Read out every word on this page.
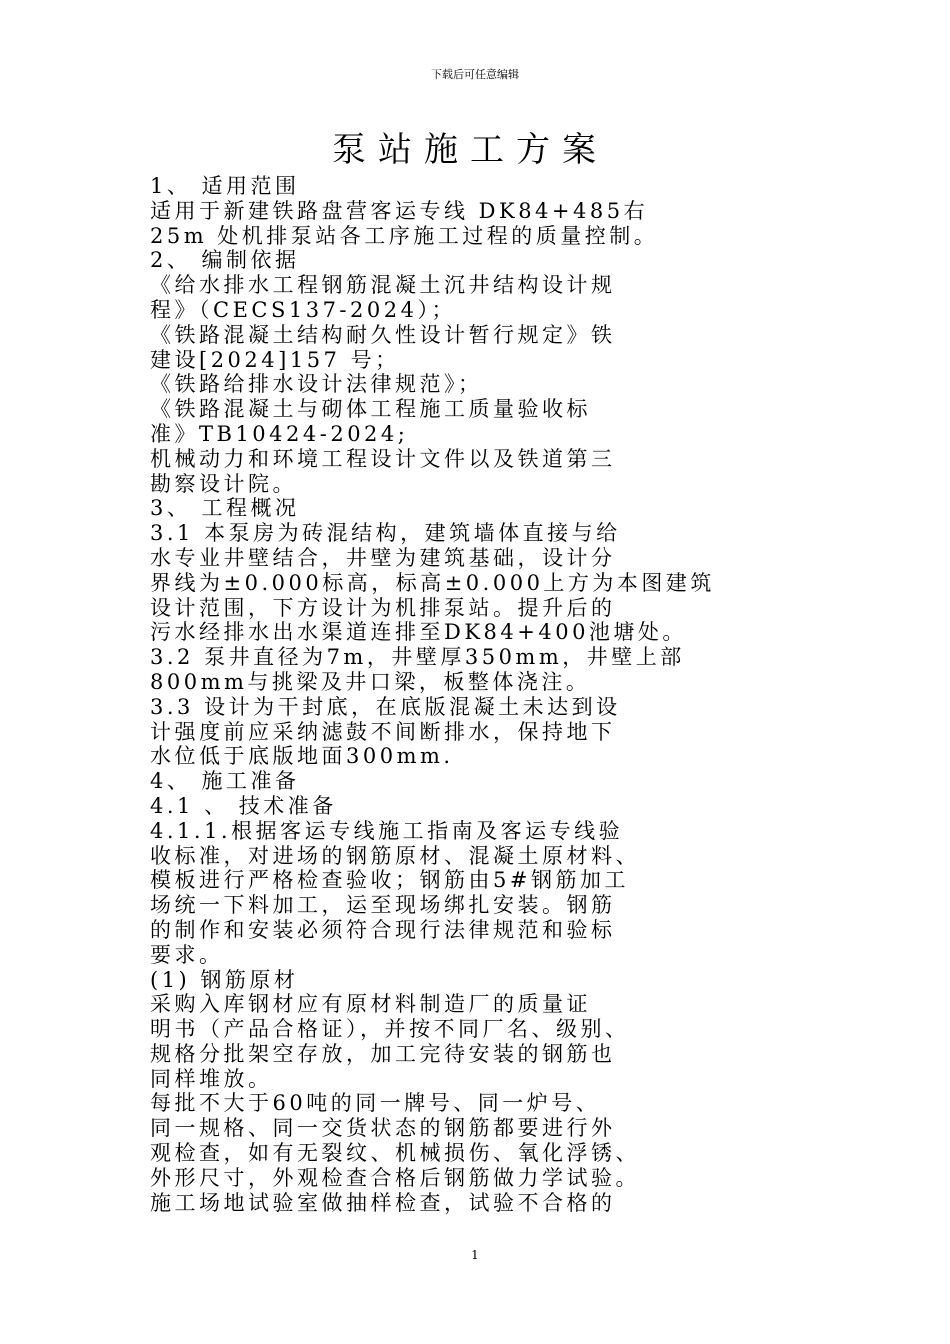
下载后可任意编辑
泵站施工方案
1、 适用范围
适用于新建铁路盘营客运专线 DK84+485右
25m 处机排泵站各工序施工过程的质量控制。
2、 编制依据
《给水排水工程钢筋混凝土沉井结构设计规
程》（CECS137-2024）；
《铁路混凝土结构耐久性设计暂行规定》铁
建设[2024]157 号；
《铁路给排水设计法律规范》；
《铁路混凝土与砌体工程施工质量验收标
准》TB10424-2024;
机械动力和环境工程设计文件以及铁道第三
勘察设计院。
3、 工程概况
3.1 本泵房为砖混结构，建筑墙体直接与给
水专业井壁结合，井壁为建筑基础，设计分
界线为±0.000标高，标高±0.000上方为本图建筑
设计范围，下方设计为机排泵站。提升后的
污水经排水出水渠道连排至DK84+400池塘处。
3.2 泵井直径为7m，井壁厚350mm，井壁上部
800mm与挑梁及井口梁，板整体浇注。
3.3 设计为干封底，在底版混凝土未达到设
计强度前应采纳滤鼓不间断排水，保持地下
水位低于底版地面300mm.
4、 施工准备
4.1 、 技术准备
4.1.1.根据客运专线施工指南及客运专线验
收标准，对进场的钢筋原材、混凝土原材料、
模板进行严格检查验收；钢筋由5#钢筋加工
场统一下料加工，运至现场绑扎安装。钢筋
的制作和安装必须符合现行法律规范和验标
要求。
(1) 钢筋原材
采购入库钢材应有原材料制造厂的质量证
明书（产品合格证），并按不同厂名、级别、
规格分批架空存放，加工完待安装的钢筋也
同样堆放。
每批不大于60吨的同一牌号、同一炉号、
同一规格、同一交货状态的钢筋都要进行外
观检查，如有无裂纹、机械损伤、氧化浮锈、
外形尺寸，外观检查合格后钢筋做力学试验。
施工场地试验室做抽样检查，试验不合格的
1
